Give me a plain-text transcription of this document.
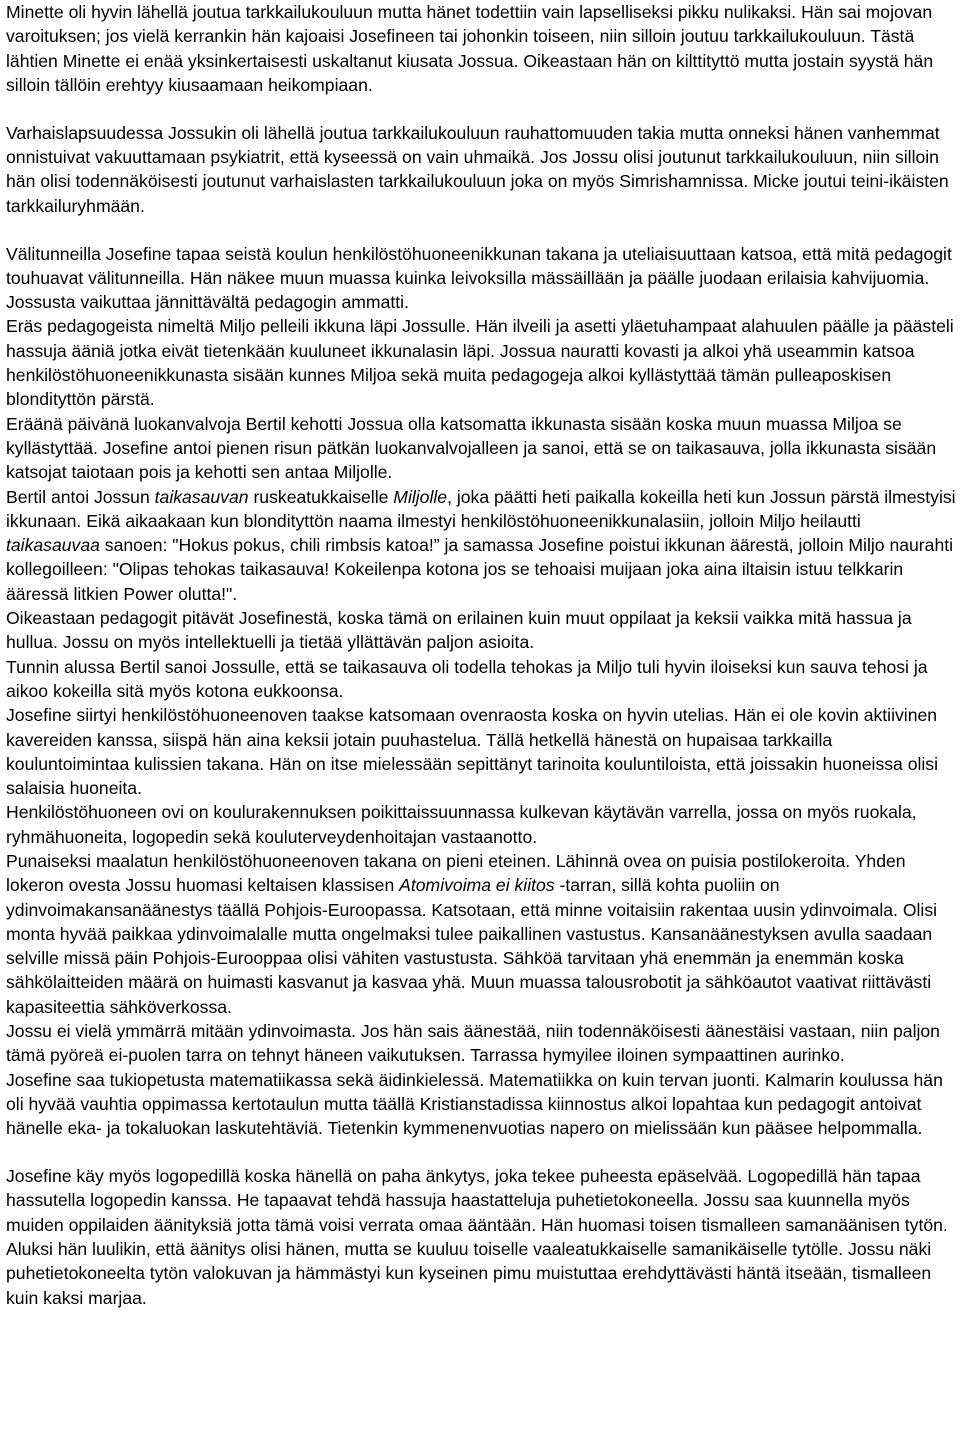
Minette oli hyvin lähellä joutua tarkkailukouluun mutta hänet todettiin vain lapselliseksi pikku nulikaksi. Hän sai mojovan varoituksen; jos vielä kerrankin hän kajoaisi Josefineen tai johonkin toiseen, niin silloin joutuu tarkkailukouluun. Tästä lähtien Minette ei enää yksinkertaisesti uskaltanut kiusata Jossua. Oikeastaan hän on kilttityttö mutta jostain syystä hän silloin tällöin erehtyy kiusaamaan heikompiaan.

Varhaislapsuudessa Jossukin oli lähellä joutua tarkkailukouluun rauhattomuuden takia mutta onneksi hänen vanhemmat onnistuivat vakuuttamaan psykiatrit, että kyseessä on vain uhmaikä. Jos Jossu olisi joutunut tarkkailukouluun, niin silloin hän olisi todennäköisesti joutunut varhaislasten tarkkailukouluun joka on myös Simrishamnissa. Micke joutui teini-ikäisten tarkkailuryhmään.

Välitunneilla Josefine tapaa seistä koulun henkilöstöhuoneenikkunan takana ja uteliaisuuttaan katsoa, että mitä pedagogit touhuavat välitunneilla. Hän näkee muun muassa kuinka leivoksilla mässäillään ja päälle juodaan erilaisia kahvijuomia. Jossusta vaikuttaa jännittävältä pedagogin ammatti.

Eräs pedagogeista nimeltä Miljo pelleili ikkuna läpi Jossulle. Hän ilveili ja asetti yläetuhampaat alahuulen päälle ja päästeli hassuja ääniä jotka eivät tietenkään kuuluneet ikkunalasin läpi. Jossua nauratti kovasti ja alkoi yhä useammin katsoa henkilöstöhuoneenikkunasta sisään kunnes Miljoa sekä muita pedagogeja alkoi kyllästyttää tämän pulleaposkisen blondityttön pärstä.

Eräänä päivänä luokanvalvoja Bertil kehotti Jossua olla katsomatta ikkunasta sisään koska muun muassa Miljoa se kyllästyttää. Josefine antoi pienen risun pätkän luokanvalvojalleen ja sanoi, että se on taikasauva, jolla ikkunasta sisään katsojat taiotaan pois ja kehotti sen antaa Miljolle.

Bertil antoi Jossun taikasauvan ruskeatukkaiselle Miljolle, joka päätti heti paikalla kokeilla heti kun Jossun pärstä ilmestyisi ikkunaan. Eikä aikaakaan kun blondityttön naama ilmestyi henkilöstöhuoneenikkunalasiin, jolloin Miljo heilautti taikasauvaa sanoen: "Hokus pokus, chili rimbsis katoa!” ja samassa Josefine poistui ikkunan äärestä, jolloin Miljo naurahti kollegoilleen: "Olipas tehokas taikasauva! Kokeilenpa kotona jos se tehoaisi muijaan joka aina iltaisin istuu telkkarin ääressä litkien Power olutta!".

Oikeastaan pedagogit pitävät Josefinestä, koska tämä on erilainen kuin muut oppilaat ja keksii vaikka mitä hassua ja hullua. Jossu on myös intellektuelli ja tietää yllättävän paljon asioita.

Tunnin alussa Bertil sanoi Jossulle, että se taikasauva oli todella tehokas ja Miljo tuli hyvin iloiseksi kun sauva tehosi ja aikoo kokeilla sitä myös kotona eukkoonsa.

Josefine siirtyi henkilöstöhuoneenoven taakse katsomaan ovenraosta koska on hyvin utelias. Hän ei ole kovin aktiivinen kavereiden kanssa, siispä hän aina keksii jotain puuhastelua. Tällä hetkellä hänestä on hupaisaa tarkkailla kouluntoimintaa kulissien takana. Hän on itse mielessään sepittänyt tarinoita kouluntiloista, että joissakin huoneissa olisi salaisia huoneita.

Henkilöstöhuoneen ovi on koulurakennuksen poikittaissuunnassa kulkevan käytävän varrella, jossa on myös ruokala, ryhmähuoneita, logopedin sekä kouluterveydenhoitajan vastaanotto.

Punaiseksi maalatun henkilöstöhuoneenoven takana on pieni eteinen. Lähinnä ovea on puisia postilokeroita. Yhden lokeron ovesta Jossu huomasi keltaisen klassisen Atomivoima ei kiitos -tarran, sillä kohta puoliin on ydinvoimakansanäänestys täällä Pohjois-Euroopassa. Katsotaan, että minne voitaisiin rakentaa uusin ydinvoimala. Olisi monta hyvää paikkaa ydinvoimalalle mutta ongelmaksi tulee paikallinen vastustus. Kansanäänestyksen avulla saadaan selville missä päin Pohjois-Eurooppaa olisi vähiten vastustusta. Sähköä tarvitaan yhä enemmän ja enemmän koska sähkölaitteiden määrä on huimasti kasvanut ja kasvaa yhä. Muun muassa talousrobotit ja sähköautot vaativat riittävästi kapasiteettia sähköverkossa.

Jossu ei vielä ymmärrä mitään ydinvoimasta. Jos hän sais äänestää, niin todennäköisesti äänestäisi vastaan, niin paljon tämä pyöreä ei-puolen tarra on tehnyt häneen vaikutuksen. Tarrassa hymyilee iloinen sympaattinen aurinko.

Josefine saa tukiopetusta matematiikassa sekä äidinkielessä. Matematiikka on kuin tervan juonti. Kalmarin koulussa hän oli hyvää vauhtia oppimassa kertotaulun mutta täällä Kristianstadissa kiinnostus alkoi lopahtaa kun pedagogit antoivat hänelle eka- ja tokaluokan laskutehtäviä. Tietenkin kymmenenvuotias napero on mielissään kun pääsee helpommalla.

Josefine käy myös logopedillä koska hänellä on paha änkytys, joka tekee puheesta epäselvää. Logopedillä hän tapaa hassutella logopedin kanssa. He tapaavat tehdä hassuja haastatteluja puhetietokoneella. Jossu saa kuunnella myös muiden oppilaiden äänityksiä jotta tämä voisi verrata omaa ääntään. Hän huomasi toisen tismalleen samanäänisen tytön. Aluksi hän luulikin, että äänitys olisi hänen, mutta se kuuluu toiselle vaaleatukkaiselle samanikäiselle tytölle. Jossu näki puhetietokoneelta tytön valokuvan ja hämmästyi kun kyseinen pimu muistuttaa erehdyttävästi häntä itseään, tismalleen kuin kaksi marjaa.
